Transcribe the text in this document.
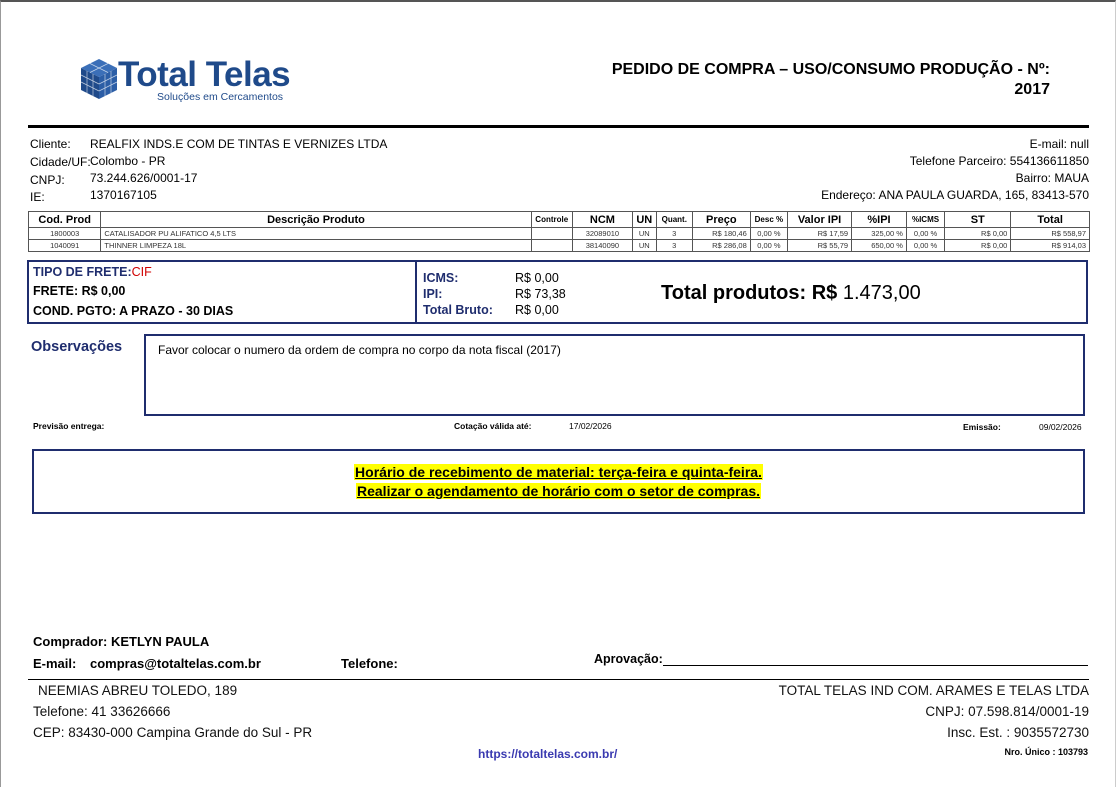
Total Telas
Soluções em Cercamentos
PEDIDO DE COMPRA – USO/CONSUMO PRODUÇÃO - Nº:
2017
Cliente: REALFIX INDS.E COM DE TINTAS E VERNIZES LTDA
Cidade/UF: Colombo - PR
CNPJ: 73.244.626/0001-17
IE:	1370167105
E-mail: null
Telefone Parceiro: 554136611850
Bairro: MAUA
Endereço: ANA PAULA GUARDA, 165, 83413-570
Cod. Prod	Descrição Produto	Controle	NCM	UN	Quant.	Preço	Desc %	Valor IPI	%IPI	%ICMS	ST	Total
1800003	CATALISADOR PU ALIFATICO 4,5 LTS		32089010	UN	3	R$ 180,46	0,00 %	R$ 17,59	325,00 %	0,00 %	R$ 0,00	R$ 558,97
1040091	THINNER LIMPEZA 18L		38140090	UN	3	R$ 286,08	0,00 %	R$ 55,79	650,00 %	0,00 %	R$ 0,00	R$ 914,03
TIPO DE FRETE:CIF
FRETE: R$ 0,00
COND. PGTO: A PRAZO - 30 DIAS
ICMS:	R$ 0,00
IPI:	R$ 73,38
Total Bruto: R$ 0,00
Total produtos: R$ 1.473,00
Observações	Favor colocar o numero da ordem de compra no corpo da nota fiscal (2017)
Previsão entrega:	Cotação válida até:	17/02/2026	Emissão:	09/02/2026
Horário de recebimento de material: terça-feira e quinta-feira.
Realizar o agendamento de horário com o setor de compras.
Comprador: KETLYN PAULA
E-mail: compras@totaltelas.com.br	Telefone:	Aprovação:
NEEMIAS ABREU TOLEDO, 189
Telefone: 41 33626666
CEP: 83430-000 Campina Grande do Sul - PR
TOTAL TELAS IND COM. ARAMES E TELAS LTDA
CNPJ: 07.598.814/0001-19
Insc. Est. : 9035572730
https://totaltelas.com.br/	Nro. Único : 103793
